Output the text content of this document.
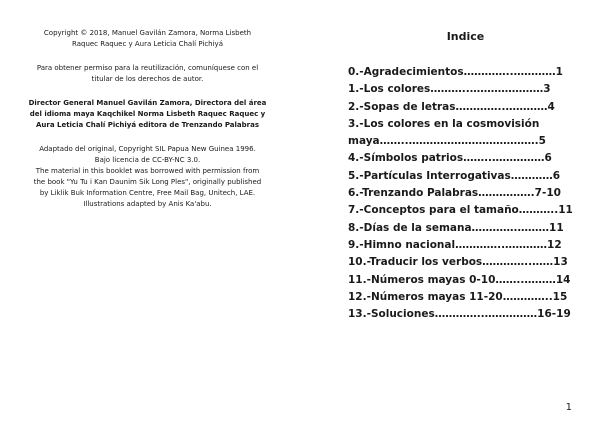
Copyright © 2018, Manuel Gavilán Zamora, Norma Lisbeth

Raquec Raquec y Aura Leticia Chalí Pichiyá

Para obtener permiso para la reutilización, comuníquese con el

titular de los derechos de autor.

Director General Manuel Gavilán Zamora, Directora del área

del idioma maya Kaqchikel Norma Lisbeth Raquec Raquec y

Aura Leticia Chalí Pichiyá editora de Trenzando Palabras

Adaptado del original, Copyright SIL Papua New Guinea 1996.

Bajo licencia de CC-BY-NC 3.0.

The material in this booklet was borrowed with permission from

the book "Yu Tu i Kan Daunim Sik Long Ples", originally published

by Liklik Buk Information Centre, Free Mail Bag, Unitech, LAE.

Illustrations adapted by Anis Ka'abu.

Indice
0.-Agradecimientos…………..…………1
1.-Los colores………..…………………3
2.-Sopas de letras…………..…………4
3.-Los colores en la cosmovisión
maya……..……………………………….5
4.-Símbolos patrios……..……………6
5.-Partículas Interrogativas…………6
6.-Trenzando Palabras…………….7-10
7.-Conceptos para el tamaño………..11
8.-Días de la semana………….………11
9.-Himno nacional…………..…………12
10.-Traducir los verbos…………..……13
11.-Números mayas 0-10……..………14
12.-Números mayas 11-20…………..15
13.-Soluciones…………..……………16-19
1
